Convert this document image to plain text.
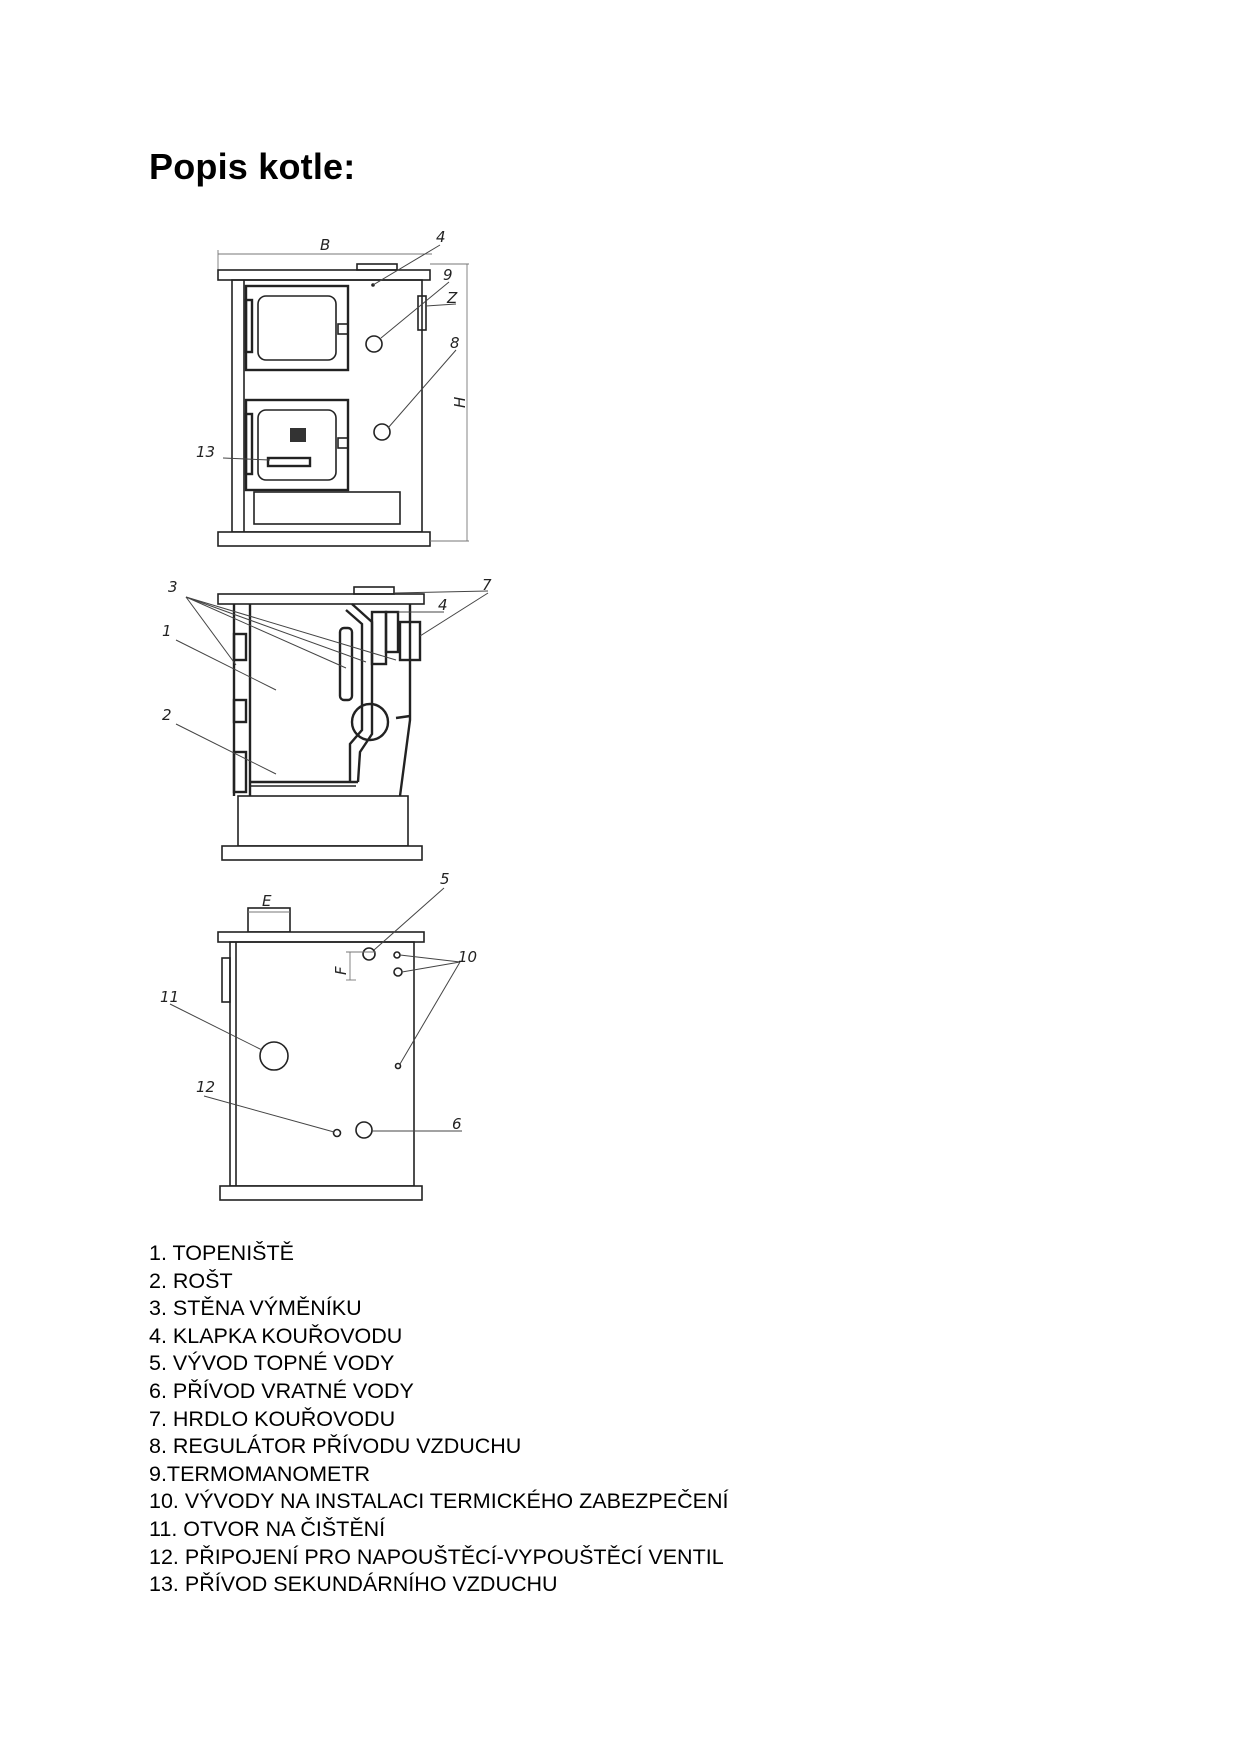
Popis kotle:
B
H
4
9
Z
8
13
3
1
2
7
4
E
F
5
10
11
12
6
1. TOPENIŠTĚ
2. ROŠT
3. STĚNA VÝMĚNÍKU
4. KLAPKA KOUŘOVODU
5. VÝVOD TOPNÉ VODY
6. PŘÍVOD VRATNÉ VODY
7. HRDLO KOUŘOVODU
8. REGULÁTOR PŘÍVODU VZDUCHU
9.TERMOMANOMETR
10. VÝVODY NA INSTALACI TERMICKÉHO ZABEZPEČENÍ
11. OTVOR NA ČIŠTĚNÍ
12. PŘIPOJENÍ PRO NAPOUŠTĚCÍ-VYPOUŠTĚCÍ VENTIL
13. PŘÍVOD SEKUNDÁRNÍHO VZDUCHU
